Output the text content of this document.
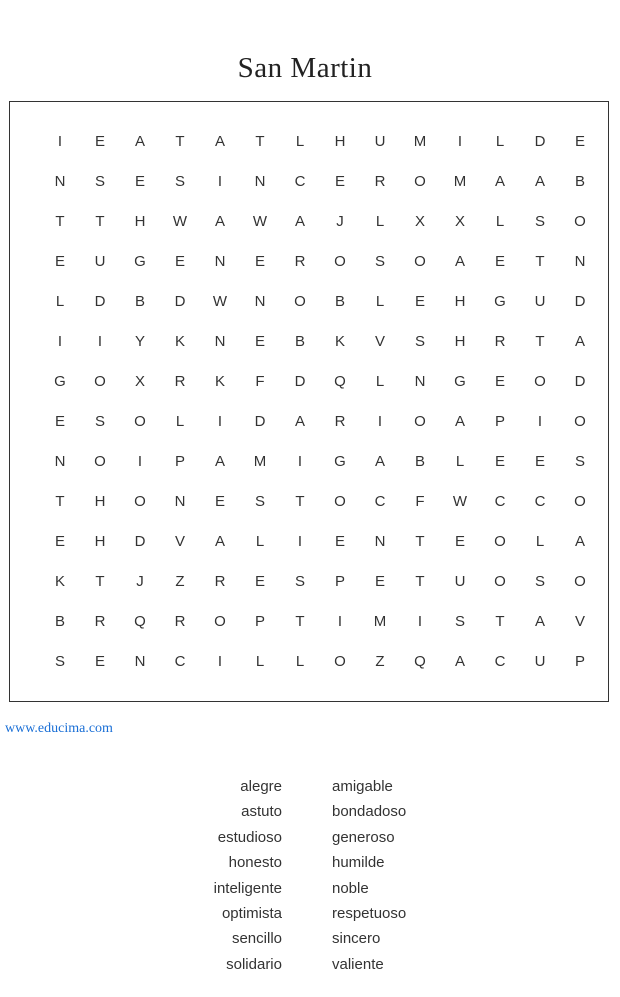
San Martin
I	E	A	T	A	T	L	H	U	M	I	L	D	E
N	S	E	S	I	N	C	E	R	O	M	A	A	B
T	T	H	W	A	W	A	J	L	X	X	L	S	O
E	U	G	E	N	E	R	O	S	O	A	E	T	N
L	D	B	D	W	N	O	B	L	E	H	G	U	D
I	I	Y	K	N	E	B	K	V	S	H	R	T	A
G	O	X	R	K	F	D	Q	L	N	G	E	O	D
E	S	O	L	I	D	A	R	I	O	A	P	I	O
N	O	I	P	A	M	I	G	A	B	L	E	E	S
T	H	O	N	E	S	T	O	C	F	W	C	C	O
E	H	D	V	A	L	I	E	N	T	E	O	L	A
K	T	J	Z	R	E	S	P	E	T	U	O	S	O
B	R	Q	R	O	P	T	I	M	I	S	T	A	V
S	E	N	C	I	L	L	O	Z	Q	A	C	U	P
www.educima.com
alegre
astuto
estudioso
honesto
inteligente
optimista
sencillo
solidario
amigable
bondadoso
generoso
humilde
noble
respetuoso
sincero
valiente
